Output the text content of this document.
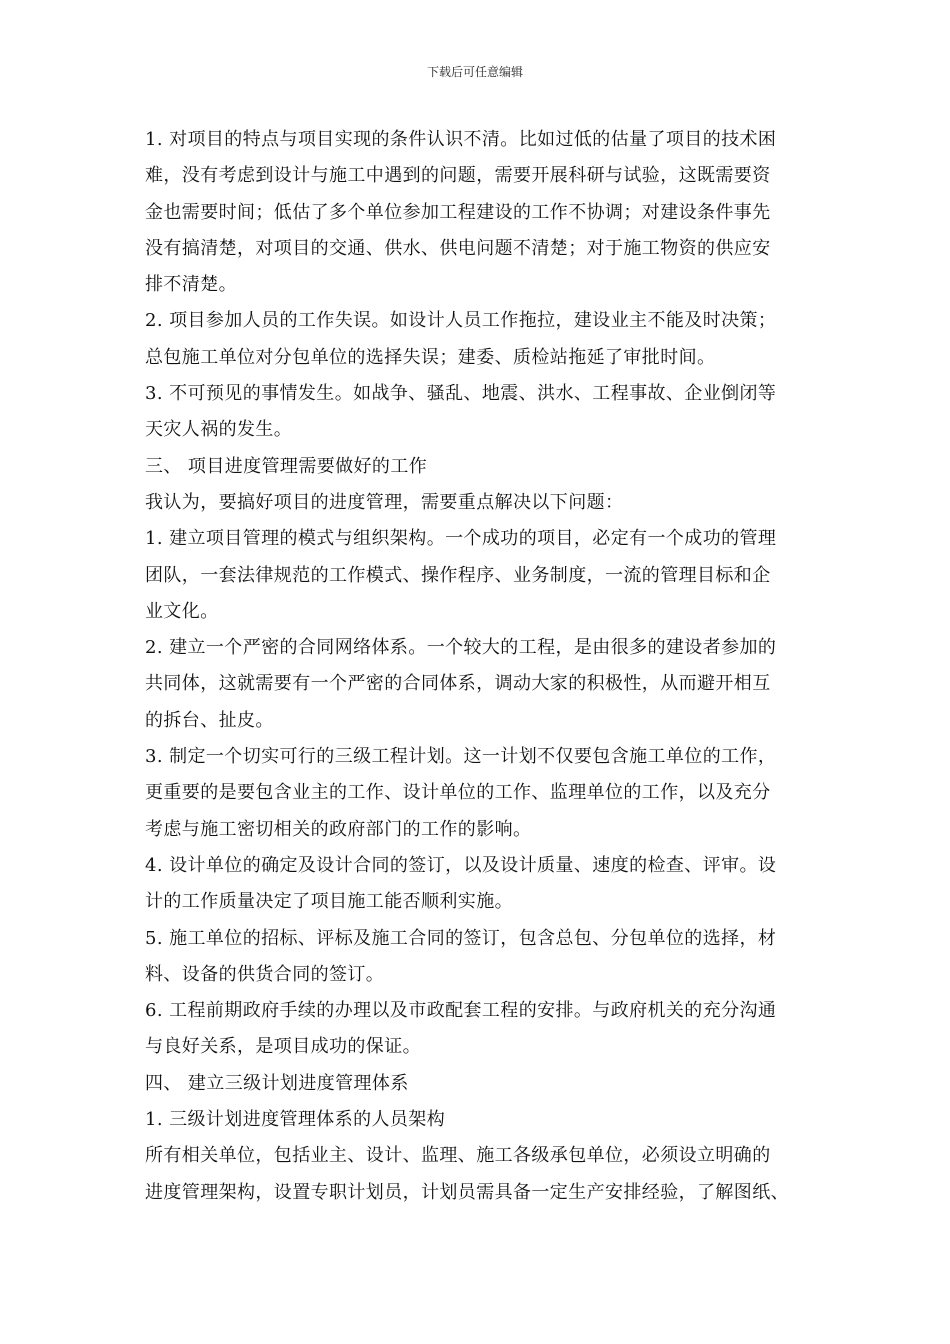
下载后可任意编辑
1. 对项目的特点与项目实现的条件认识不清。比如过低的估量了项目的技术困
难，没有考虑到设计与施工中遇到的问题，需要开展科研与试验，这既需要资
金也需要时间；低估了多个单位参加工程建设的工作不协调；对建设条件事先
没有搞清楚，对项目的交通、供水、供电问题不清楚；对于施工物资的供应安
排不清楚。
2. 项目参加人员的工作失误。如设计人员工作拖拉，建设业主不能及时决策；
总包施工单位对分包单位的选择失误；建委、质检站拖延了审批时间。
3. 不可预见的事情发生。如战争、骚乱、地震、洪水、工程事故、企业倒闭等
天灾人祸的发生。
三、 项目进度管理需要做好的工作
我认为，要搞好项目的进度管理，需要重点解决以下问题：
1. 建立项目管理的模式与组织架构。一个成功的项目，必定有一个成功的管理
团队，一套法律规范的工作模式、操作程序、业务制度，一流的管理目标和企
业文化。
2. 建立一个严密的合同网络体系。一个较大的工程，是由很多的建设者参加的
共同体，这就需要有一个严密的合同体系，调动大家的积极性，从而避开相互
的拆台、扯皮。
3. 制定一个切实可行的三级工程计划。这一计划不仅要包含施工单位的工作，
更重要的是要包含业主的工作、设计单位的工作、监理单位的工作，以及充分
考虑与施工密切相关的政府部门的工作的影响。
4. 设计单位的确定及设计合同的签订，以及设计质量、速度的检查、评审。设
计的工作质量决定了项目施工能否顺利实施。
5. 施工单位的招标、评标及施工合同的签订，包含总包、分包单位的选择，材
料、设备的供货合同的签订。
6. 工程前期政府手续的办理以及市政配套工程的安排。与政府机关的充分沟通
与良好关系，是项目成功的保证。
四、 建立三级计划进度管理体系
1. 三级计划进度管理体系的人员架构
所有相关单位，包括业主、设计、监理、施工各级承包单位，必须设立明确的
进度管理架构，设置专职计划员，计划员需具备一定生产安排经验，了解图纸、
